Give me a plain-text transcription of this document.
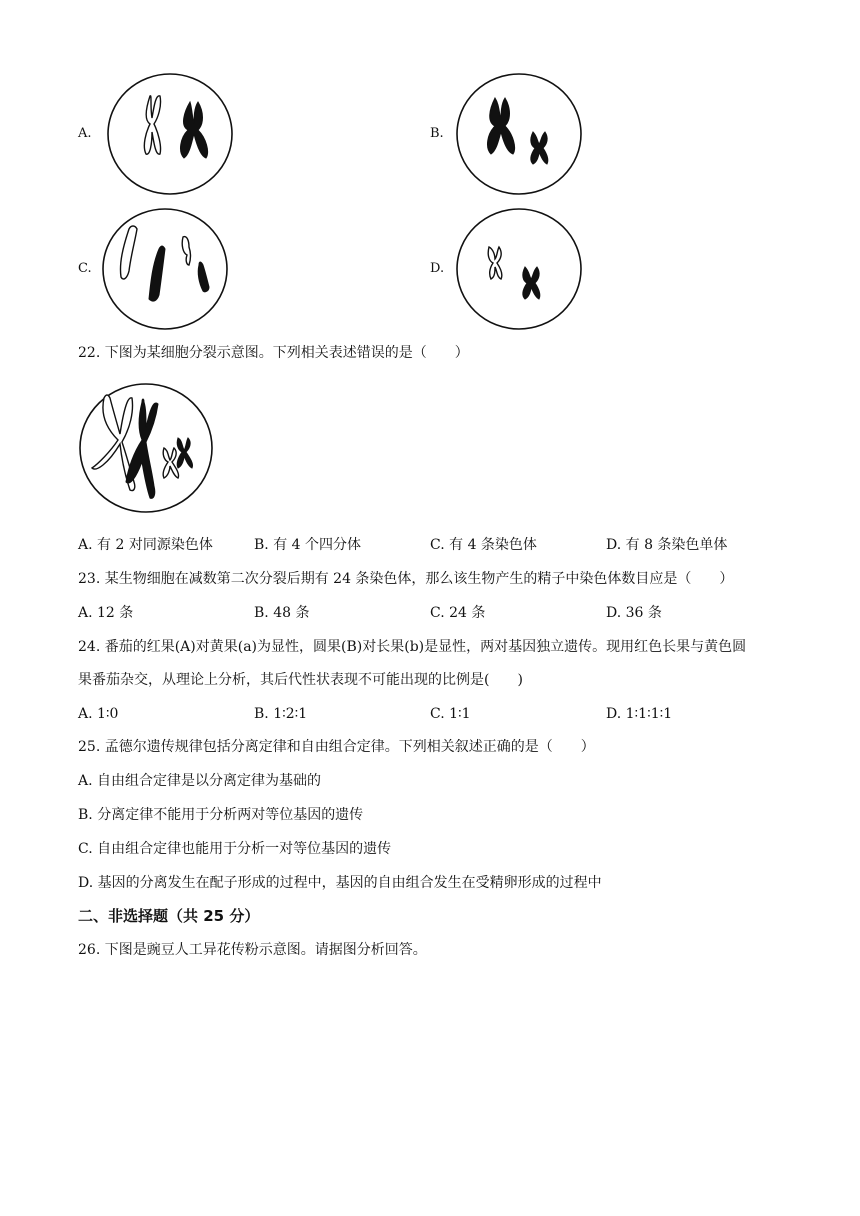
A.	B.
C.	D.
22. 下图为某细胞分裂示意图。下列相关表述错误的是（　　）
A. 有 2 对同源染色体	B. 有 4 个四分体	C. 有 4 条染色体	D. 有 8 条染色单体
23. 某生物细胞在减数第二次分裂后期有 24 条染色体，那么该生物产生的精子中染色体数目应是（　　）
A. 12 条	B. 48 条	C. 24 条	D. 36 条
24. 番茄的红果(A)对黄果(a)为显性，圆果(B)对长果(b)是显性，两对基因独立遗传。现用红色长果与黄色圆
果番茄杂交，从理论上分析，其后代性状表现不可能出现的比例是(　　)
A. 1∶0	B. 1∶2∶1	C. 1∶1	D. 1∶1∶1∶1
25. 孟德尔遗传规律包括分离定律和自由组合定律。下列相关叙述正确的是（　　）
A. 自由组合定律是以分离定律为基础的
B. 分离定律不能用于分析两对等位基因的遗传
C. 自由组合定律也能用于分析一对等位基因的遗传
D. 基因的分离发生在配子形成的过程中，基因的自由组合发生在受精卵形成的过程中
二、非选择题（共 25 分）
26. 下图是豌豆人工异花传粉示意图。请据图分析回答。
